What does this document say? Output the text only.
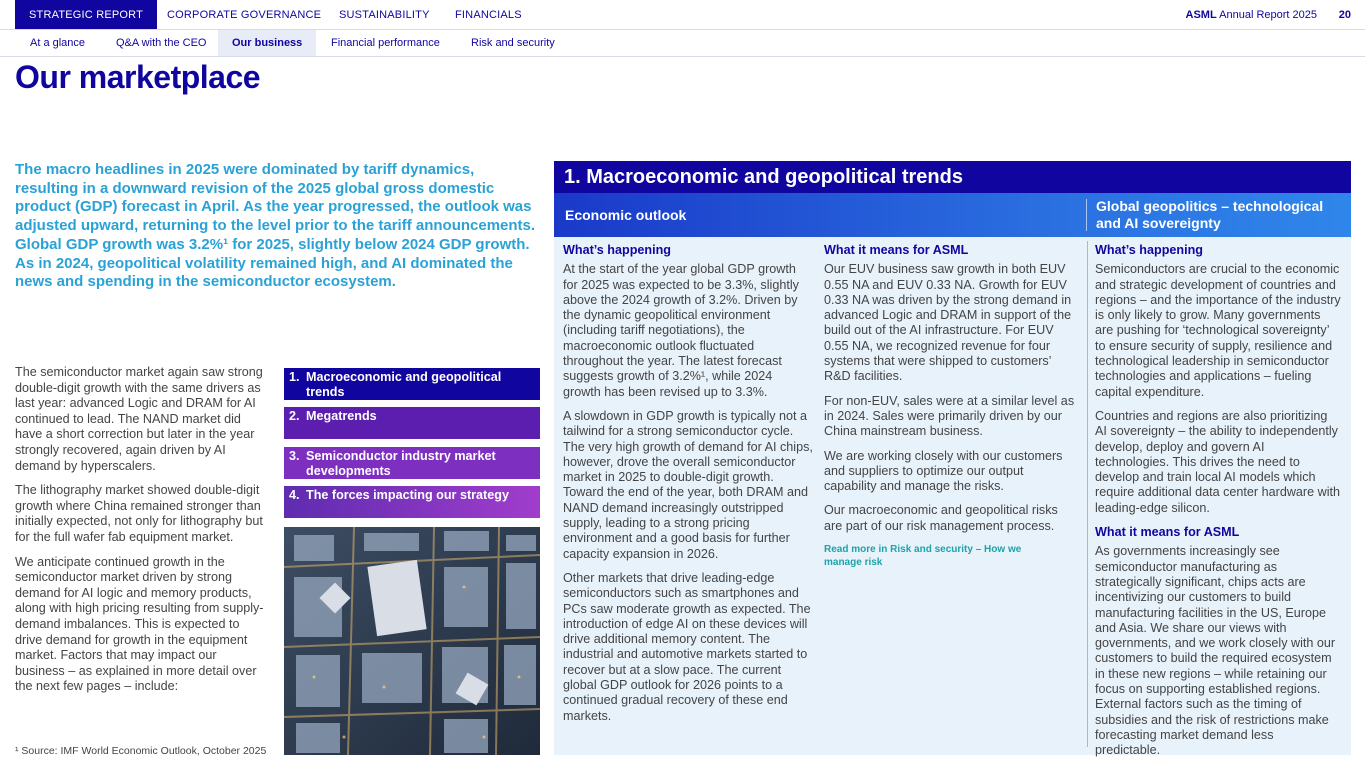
STRATEGIC REPORT	CORPORATE GOVERNANCE SUSTAINABILITY FINANCIALS	ASML Annual Report 2025 20
At a glance	Q&A with the CEO	Our business	Financial performance	Risk and security
Our marketplace
The macro headlines in 2025 were dominated by tariff dynamics, resulting in a downward revision of the 2025 global gross domestic product (GDP) forecast in April. As the year progressed, the outlook was adjusted upward, returning to the level prior to the tariff announcements. Global GDP growth was 3.2%¹ for 2025, slightly below 2024 GDP growth. As in 2024, geopolitical volatility remained high, and AI dominated the news and spending in the semiconductor ecosystem.

The semiconductor market again saw strong double-digit growth with the same drivers as last year: advanced Logic and DRAM for AI continued to lead. The NAND market did have a short correction but later in the year strongly recovered, again driven by AI demand by hyperscalers.

The lithography market showed double-digit growth where China remained stronger than initially expected, not only for lithography but for the full wafer fab equipment market.

We anticipate continued growth in the semiconductor market driven by strong demand for AI logic and memory products, along with high pricing resulting from supply-demand imbalances. This is expected to drive demand for growth in the equipment market. Factors that may impact our business – as explained in more detail over the next few pages – include:

¹ Source: IMF World Economic Outlook, October 2025
1. Macroeconomic and geopolitical trends
2. Megatrends
3. Semiconductor industry market developments
4. The forces impacting our strategy
1. Macroeconomic and geopolitical trends
Economic outlook
Global geopolitics – technological and AI sovereignty
What’s happening

At the start of the year global GDP growth for 2025 was expected to be 3.3%, slightly above the 2024 growth of 3.2%. Driven by the dynamic geopolitical environment (including tariff negotiations), the macroeconomic outlook fluctuated throughout the year. The latest forecast suggests growth of 3.2%¹, while 2024 growth has been revised up to 3.3%.

A slowdown in GDP growth is typically not a tailwind for a strong semiconductor cycle. The very high growth of demand for AI chips, however, drove the overall semiconductor market in 2025 to double-digit growth. Toward the end of the year, both DRAM and NAND demand increasingly outstripped supply, leading to a strong pricing environment and a good basis for further capacity expansion in 2026.

Other markets that drive leading-edge semiconductors such as smartphones and PCs saw moderate growth as expected. The introduction of edge AI on these devices will drive additional memory content. The industrial and automotive markets started to recover but at a slow pace. The current global GDP outlook for 2026 points to a continued gradual recovery of these end markets.

What it means for ASML

Our EUV business saw growth in both EUV 0.55 NA and EUV 0.33 NA. Growth for EUV 0.33 NA was driven by the strong demand in advanced Logic and DRAM in support of the build out of the AI infrastructure. For EUV 0.55 NA, we recognized revenue for four systems that were shipped to customers’ R&D facilities.

For non-EUV, sales were at a similar level as in 2024. Sales were primarily driven by our China mainstream business.

We are working closely with our customers and suppliers to optimize our output capability and manage the risks.

Our macroeconomic and geopolitical risks are part of our risk management process.

Read more in Risk and security – How we manage risk
What’s happening

Semiconductors are crucial to the economic and strategic development of countries and regions – and the importance of the industry is only likely to grow. Many governments are pushing for ‘technological sovereignty’ to ensure security of supply, resilience and technological leadership in semiconductor technologies and applications – fueling capital expenditure.

Countries and regions are also prioritizing AI sovereignty – the ability to independently develop, deploy and govern AI technologies. This drives the need to develop and train local AI models which require additional data center hardware with leading-edge silicon.

What it means for ASML

As governments increasingly see semiconductor manufacturing as strategically significant, chips acts are incentivizing our customers to build manufacturing facilities in the US, Europe and Asia. We share our views with governments, and we work closely with our customers to build the required ecosystem in these new regions – while retaining our focus on supporting established regions. External factors such as the timing of subsidies and the risk of restrictions make forecasting market demand less predictable.
